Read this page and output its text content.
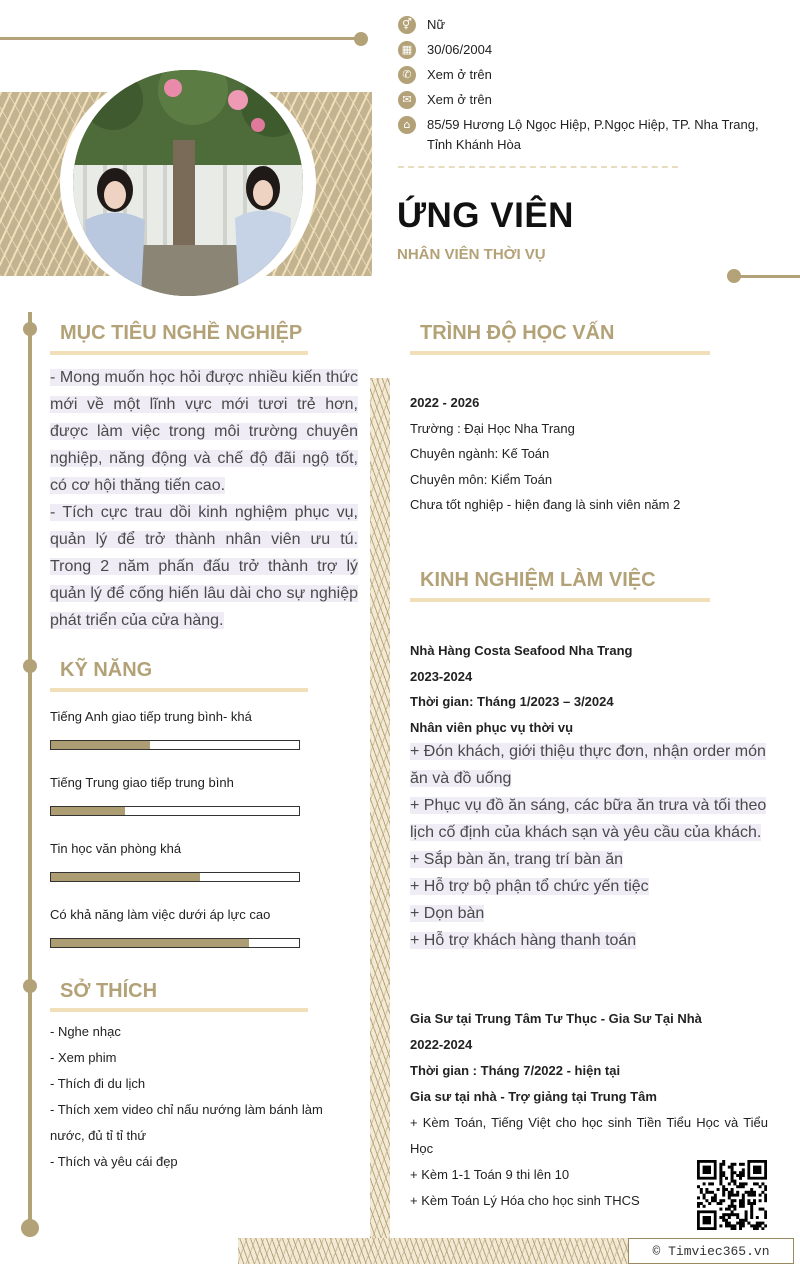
⚥	Nữ
▦ 30/06/2004
✆	Xem ở trên
✉	Xem ở trên
⌂	85/59 Hương Lộ Ngọc Hiệp, P.Ngọc Hiệp, TP. Nha Trang, Tỉnh Khánh Hòa
ỨNG VIÊN
NHÂN VIÊN THỜI VỤ
MỤC TIÊU NGHỀ NGHIỆP
- Mong muốn học hỏi được nhiều kiến thức mới về một lĩnh vực mới tươi trẻ hơn, được làm việc trong môi trường chuyên nghiệp, năng động và chế độ đãi ngộ tốt, có cơ hội thăng tiến cao.
- Tích cực trau dồi kinh nghiệm phục vụ, quản lý để trở thành nhân viên ưu tú. Trong 2 năm phấn đấu trở thành trợ lý quản lý để cống hiến lâu dài cho sự nghiệp phát triển của cửa hàng.
KỸ NĂNG
Tiếng Anh giao tiếp trung bình- khá
Tiếng Trung giao tiếp trung bình
Tin học văn phòng khá
Có khả năng làm việc dưới áp lực cao
SỞ THÍCH
- Nghe nhạc
- Xem phim
- Thích đi du lịch
- Thích xem video chỉ nấu nướng làm bánh làm nước, đủ tỉ tỉ thứ
- Thích và yêu cái đẹp
TRÌNH ĐỘ HỌC VẤN
2022 - 2026
Trường : Đại Học Nha Trang
Chuyên ngành: Kế Toán
Chuyên môn: Kiểm Toán
Chưa tốt nghiệp - hiện đang là sinh viên năm 2
KINH NGHIỆM LÀM VIỆC
Nhà Hàng Costa Seafood Nha Trang
2023-2024
Thời gian: Tháng 1/2023 – 3/2024
Nhân viên phục vụ thời vụ
+ Đón khách, giới thiệu thực đơn, nhận order món ăn và đồ uống
+ Phục vụ đồ ăn sáng, các bữa ăn trưa và tối theo lịch cố định của khách sạn và yêu cầu của khách.
+ Sắp bàn ăn, trang trí bàn ăn
+ Hỗ trợ bộ phận tổ chức yến tiệc
+ Dọn bàn
+ Hỗ trợ khách hàng thanh toán
Gia Sư tại Trung Tâm Tư Thục - Gia Sư Tại Nhà
2022-2024
Thời gian : Tháng 7/2022 - hiện tại
Gia sư tại nhà - Trợ giảng tại Trung Tâm
+ Kèm Toán, Tiếng Việt cho học sinh Tiền Tiểu Học và Tiểu Học
+ Kèm 1-1 Toán 9 thi lên 10
+ Kèm Toán Lý Hóa cho học sinh THCS
© Timviec365.vn
